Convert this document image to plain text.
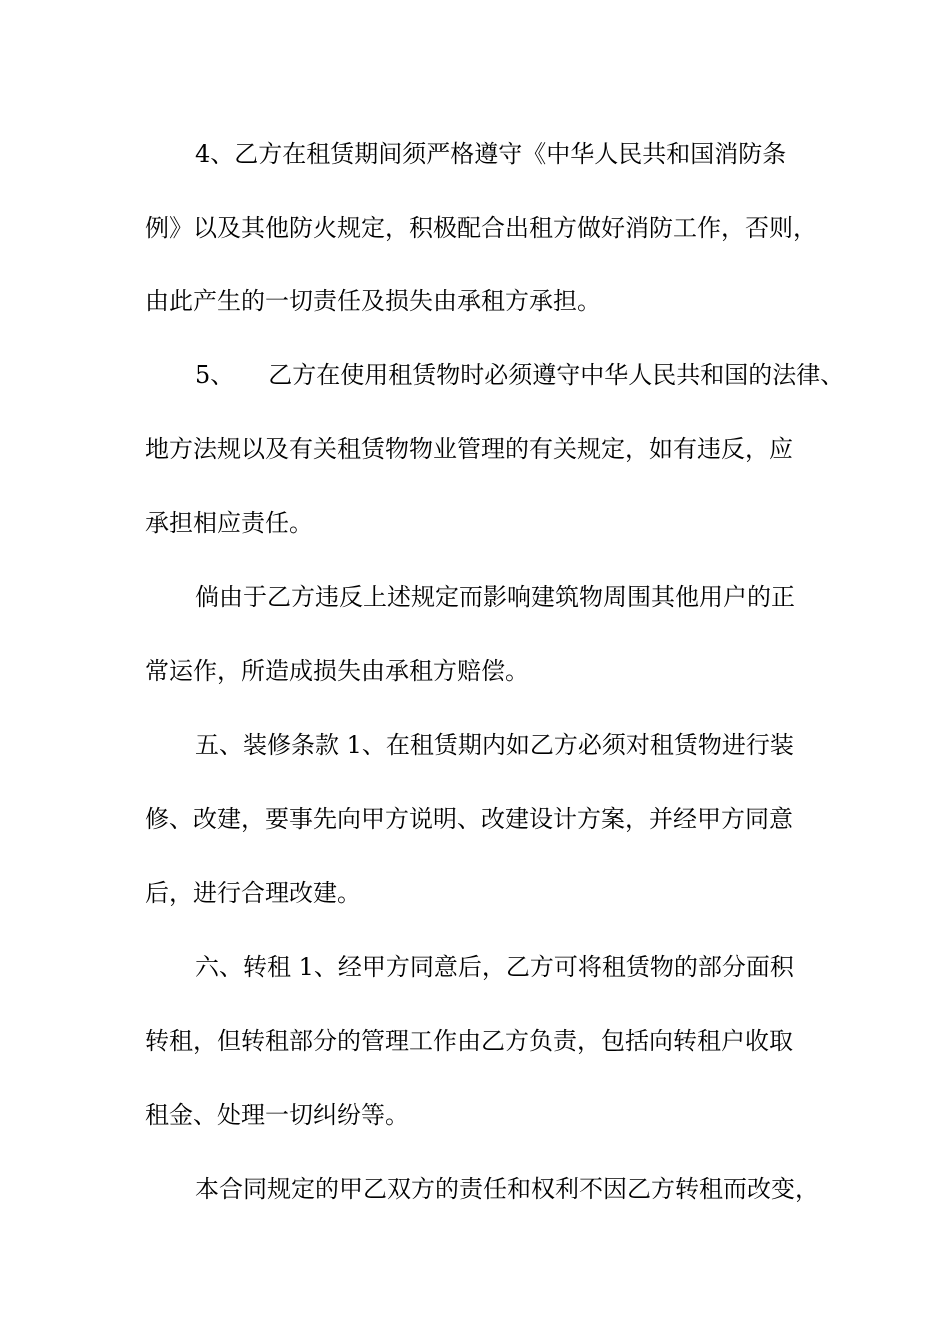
4、乙方在租赁期间须严格遵守《中华人民共和国消防条
例》以及其他防火规定，积极配合出租方做好消防工作，否则，
由此产生的一切责任及损失由承租方承担。
5、 乙方在使用租赁物时必须遵守中华人民共和国的法律、
地方法规以及有关租赁物物业管理的有关规定，如有违反，应
承担相应责任。
倘由于乙方违反上述规定而影响建筑物周围其他用户的正
常运作，所造成损失由承租方赔偿。
五、装修条款 1、在租赁期内如乙方必须对租赁物进行装
修、改建，要事先向甲方说明、改建设计方案，并经甲方同意
后，进行合理改建。
六、转租 1、经甲方同意后，乙方可将租赁物的部分面积
转租，但转租部分的管理工作由乙方负责，包括向转租户收取
租金、处理一切纠纷等。
本合同规定的甲乙双方的责任和权利不因乙方转租而改变，
